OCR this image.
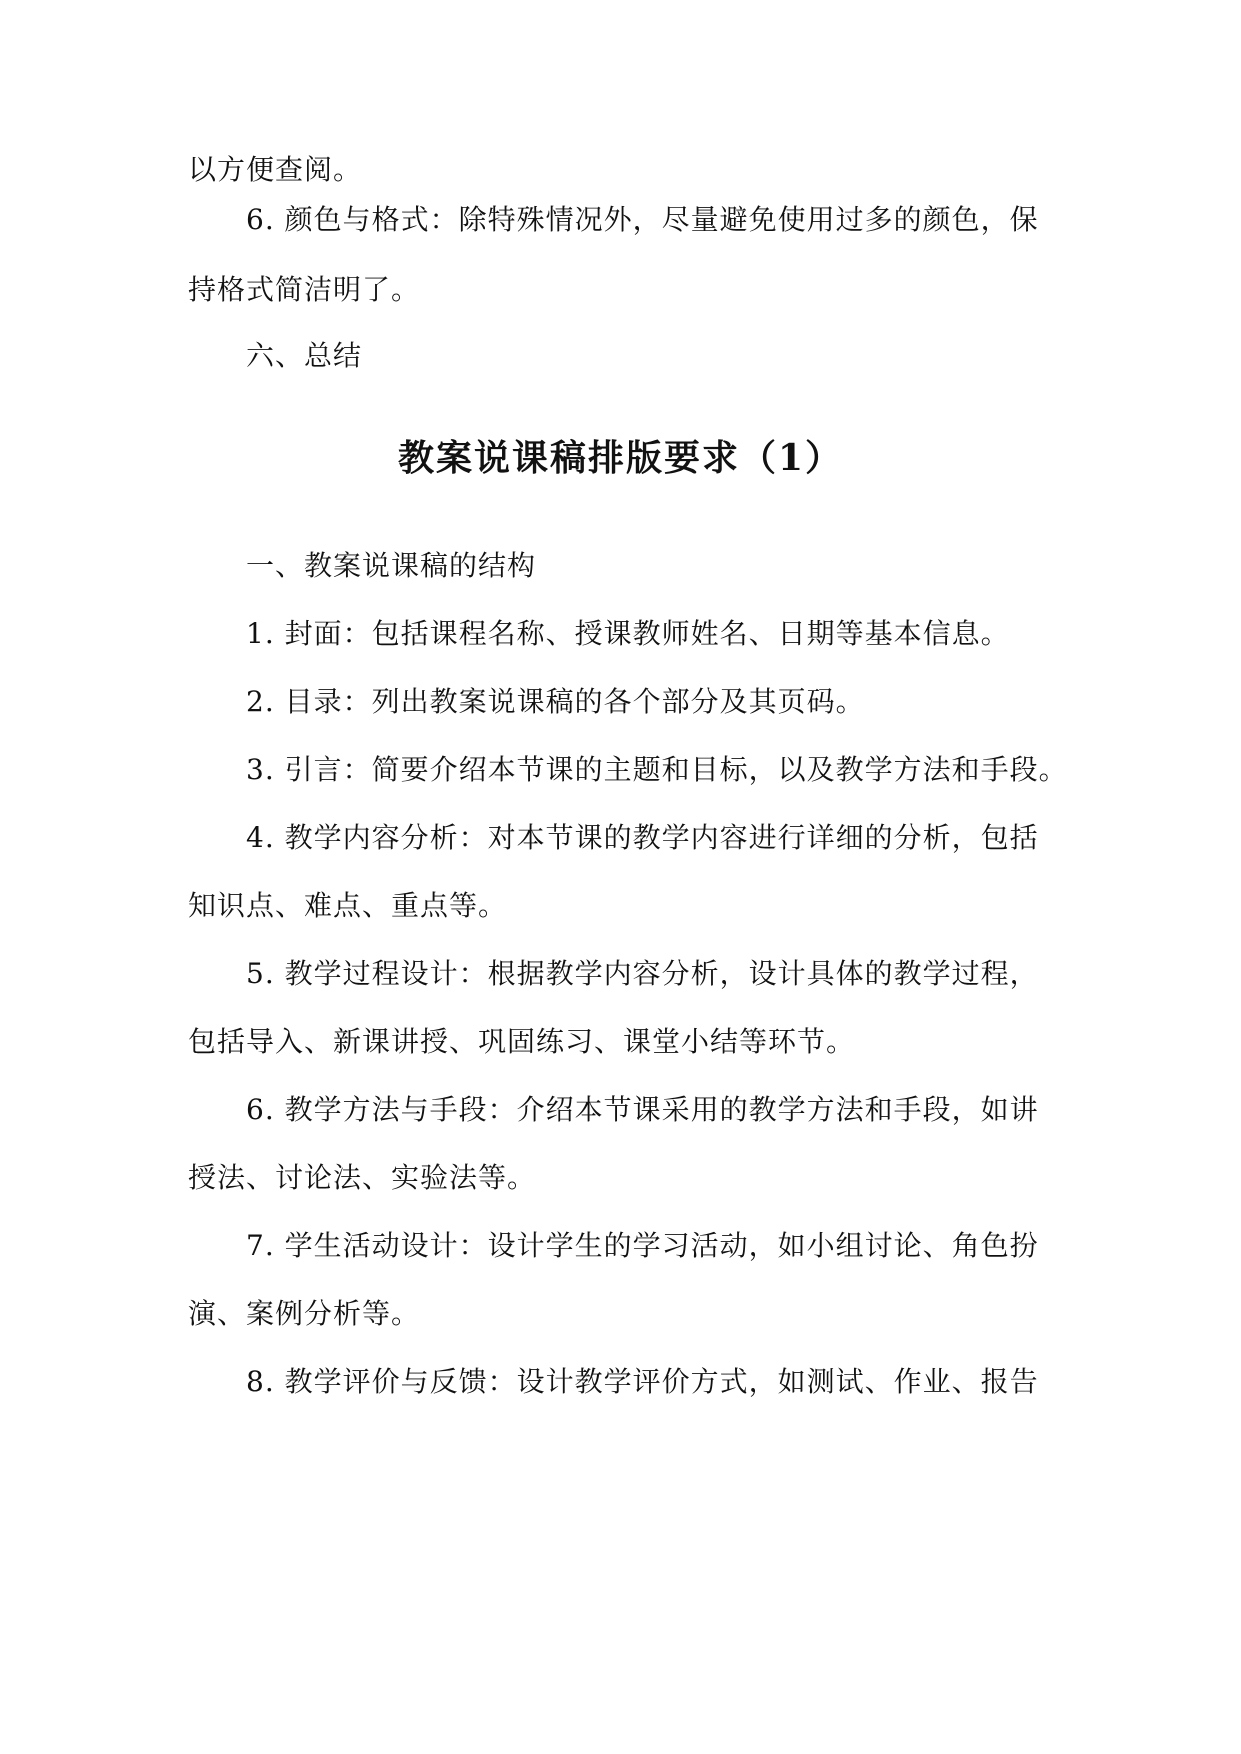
以方便查阅。
6. 颜色与格式：除特殊情况外，尽量避免使用过多的颜色，保
持格式简洁明了。
六、总结
教案说课稿排版要求（1）
一、教案说课稿的结构
1. 封面：包括课程名称、授课教师姓名、日期等基本信息。
2. 目录：列出教案说课稿的各个部分及其页码。
3. 引言：简要介绍本节课的主题和目标，以及教学方法和手段。
4. 教学内容分析：对本节课的教学内容进行详细的分析，包括
知识点、难点、重点等。
5. 教学过程设计：根据教学内容分析，设计具体的教学过程，
包括导入、新课讲授、巩固练习、课堂小结等环节。
6. 教学方法与手段：介绍本节课采用的教学方法和手段，如讲
授法、讨论法、实验法等。
7. 学生活动设计：设计学生的学习活动，如小组讨论、角色扮
演、案例分析等。
8. 教学评价与反馈：设计教学评价方式，如测试、作业、报告
